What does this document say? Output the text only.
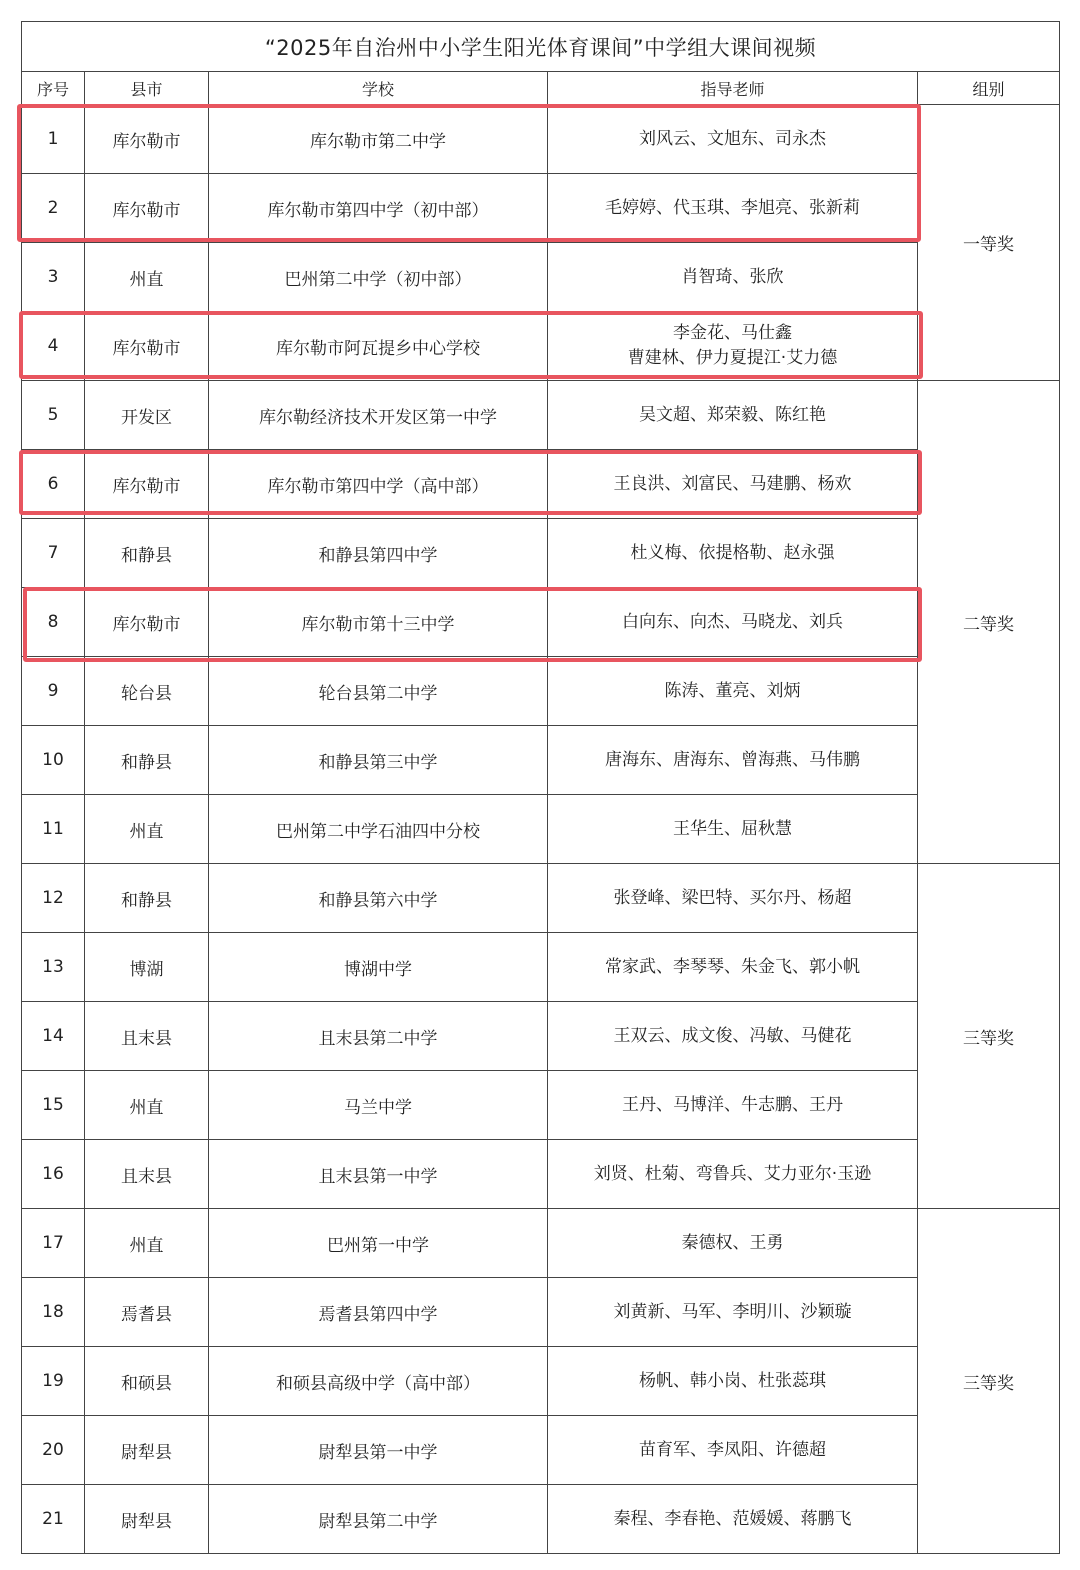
“2025年自治州中小学生阳光体育课间”中学组大课间视频				
序号	县市	学校	指导老师	组别
1	库尔勒市	库尔勒市第二中学	刘风云、文旭东、司永杰	一等奖
2	库尔勒市	库尔勒市第四中学（初中部）	毛婷婷、代玉琪、李旭亮、张新莉	

3	州直	巴州第二中学（初中部）	肖智琦、张欣	

4	库尔勒市	库尔勒市阿瓦提乡中心学校	李金花、马仕鑫
曹建林、伊力夏提江·艾力德	

5	开发区	库尔勒经济技术开发区第一中学	吴文超、郑荣毅、陈红艳	二等奖
6	库尔勒市	库尔勒市第四中学（高中部）	王良洪、刘富民、马建鹏、杨欢	

7	和静县	和静县第四中学	杜义梅、依提格勒、赵永强	

8	库尔勒市	库尔勒市第十三中学	白向东、向杰、马晓龙、刘兵	

9	轮台县	轮台县第二中学	陈涛、董亮、刘炳	

10	和静县	和静县第三中学	唐海东、唐海东、曾海燕、马伟鹏	

11	州直	巴州第二中学石油四中分校	王华生、屈秋慧	

12	和静县	和静县第六中学	张登峰、梁巴特、买尔丹、杨超	三等奖
13	博湖	博湖中学	常家武、李琴琴、朱金飞、郭小帆	

14	且末县	且末县第二中学	王双云、成文俊、冯敏、马健花	

15	州直	马兰中学	王丹、马博洋、牛志鹏、王丹	

16	且末县	且末县第一中学	刘贤、杜菊、弯鲁兵、艾力亚尔·玉逊	

17	州直	巴州第一中学	秦德权、王勇	三等奖
18	焉耆县	焉耆县第四中学	刘黄新、马军、李明川、沙颖璇	

19	和硕县	和硕县高级中学（高中部）	杨帆、韩小岗、杜张蕊琪	

20	尉犁县	尉犁县第一中学	苗育军、李凤阳、许德超	

21	尉犁县	尉犁县第二中学	秦程、李春艳、范媛媛、蒋鹏飞	
